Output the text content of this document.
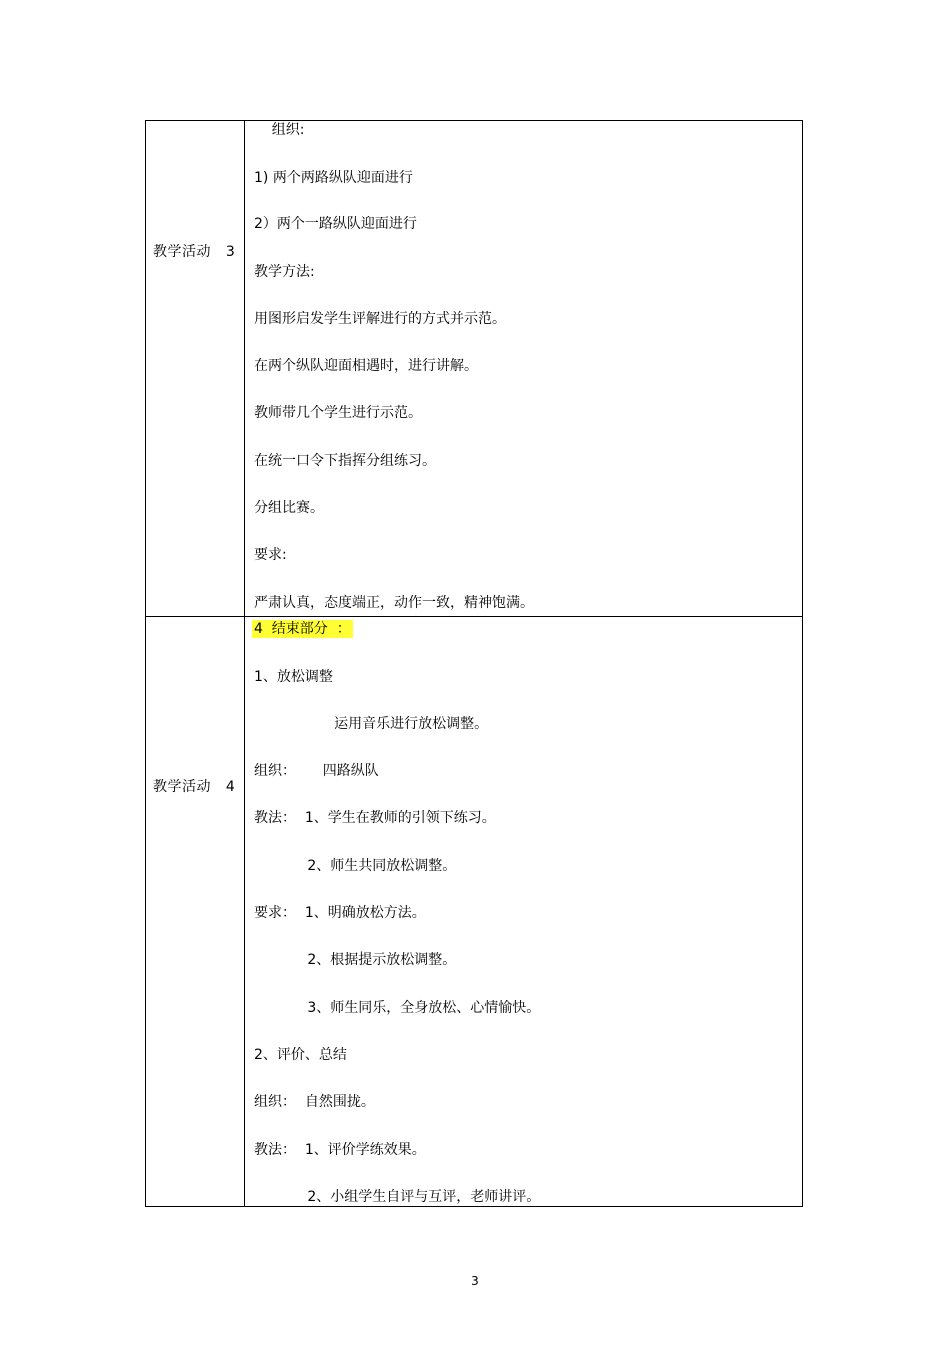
教学活动   3
组织:
1) 两个两路纵队迎面进行
2）两个一路纵队迎面进行
教学方法:
用图形启发学生评解进行的方式并示范。
在两个纵队迎面相遇时，进行讲解。
教师带几个学生进行示范。
在统一口令下指挥分组练习。
分组比赛。
要求:
严肃认真，态度端正，动作一致，精神饱满。
教学活动   4
4  结束部分  ：
1、放松调整
运用音乐进行放松调整。
组织：      四路纵队
教法：  1、学生在教师的引领下练习。
2、师生共同放松调整。
要求：  1、明确放松方法。
2、根据提示放松调整。
3、师生同乐，全身放松、心情愉快。
2、评价、总结
组织：  自然围拢。
教法：  1、评价学练效果。
2、小组学生自评与互评，老师讲评。
3
